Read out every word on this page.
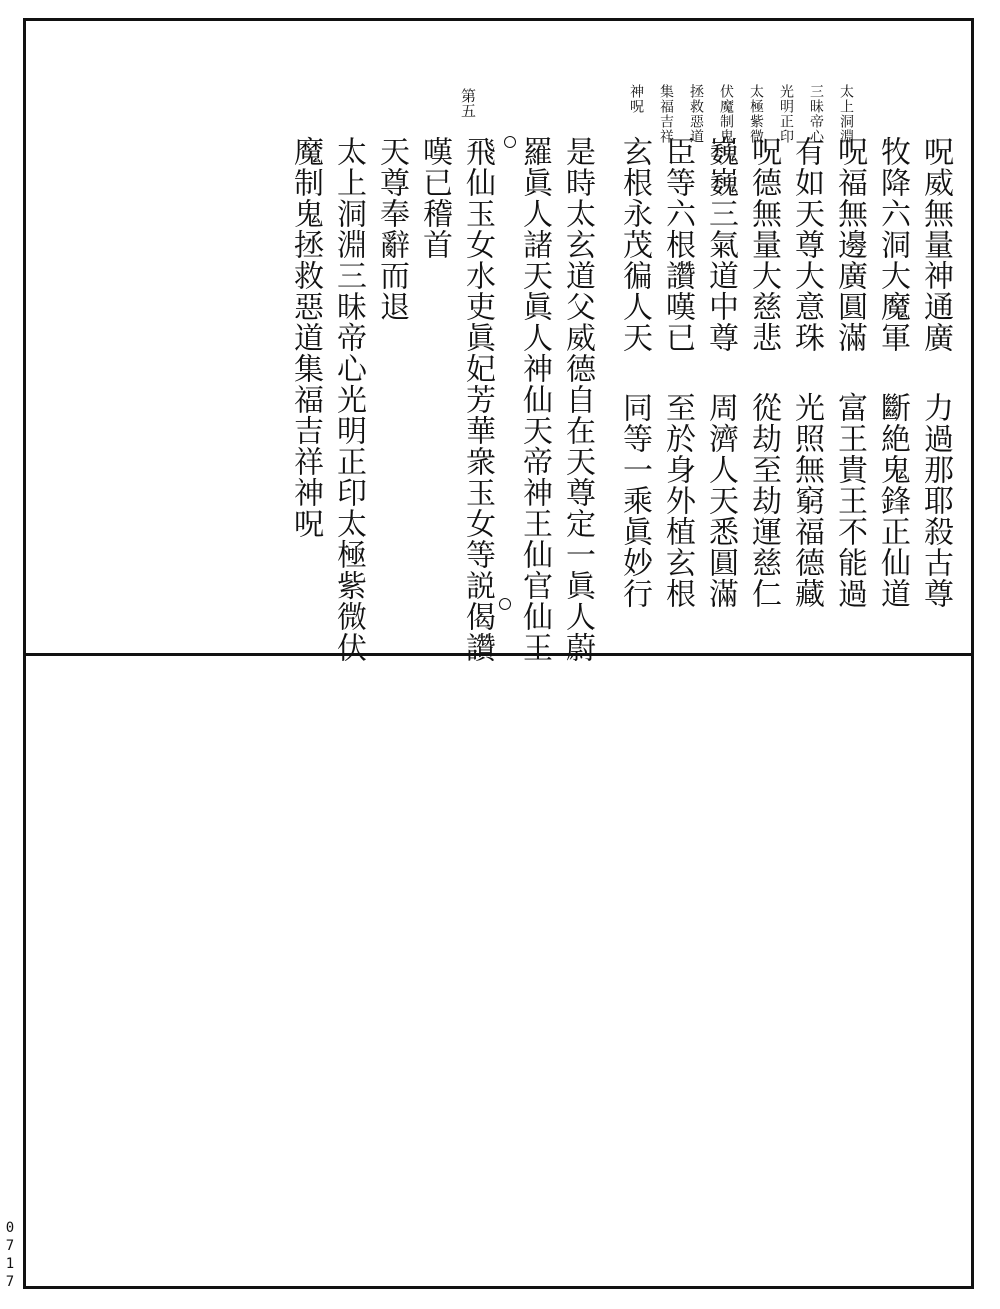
太上洞淵
三昧帝心
光明正印
太極紫微
伏魔制鬼
拯救惡道
集福吉祥
神呪
第五
呪威無量神通廣
牧降六洞大魔軍
呪福無邊廣圓滿
有如天尊大意珠
呪德無量大慈悲
巍巍三氣道中尊
臣等六根讚嘆已
玄根永茂徧人天
力過那耶殺古尊
斷絶鬼鋒正仙道
富王貴王不能過
光照無窮福德藏
從劫至劫運慈仁
周濟人天悉圓滿
至於身外植玄根
同等一乘眞妙行
是時太玄道父威德自在天尊定一眞人蔚
羅眞人諸天眞人神仙天帝神王仙官仙王
飛仙玉女水吏眞妃芳華衆玉女等説偈讚
嘆已稽首
天尊奉辭而退
太上洞淵三昧帝心光明正印太極紫微伏
魔制鬼拯救惡道集福吉祥神呪
0717
